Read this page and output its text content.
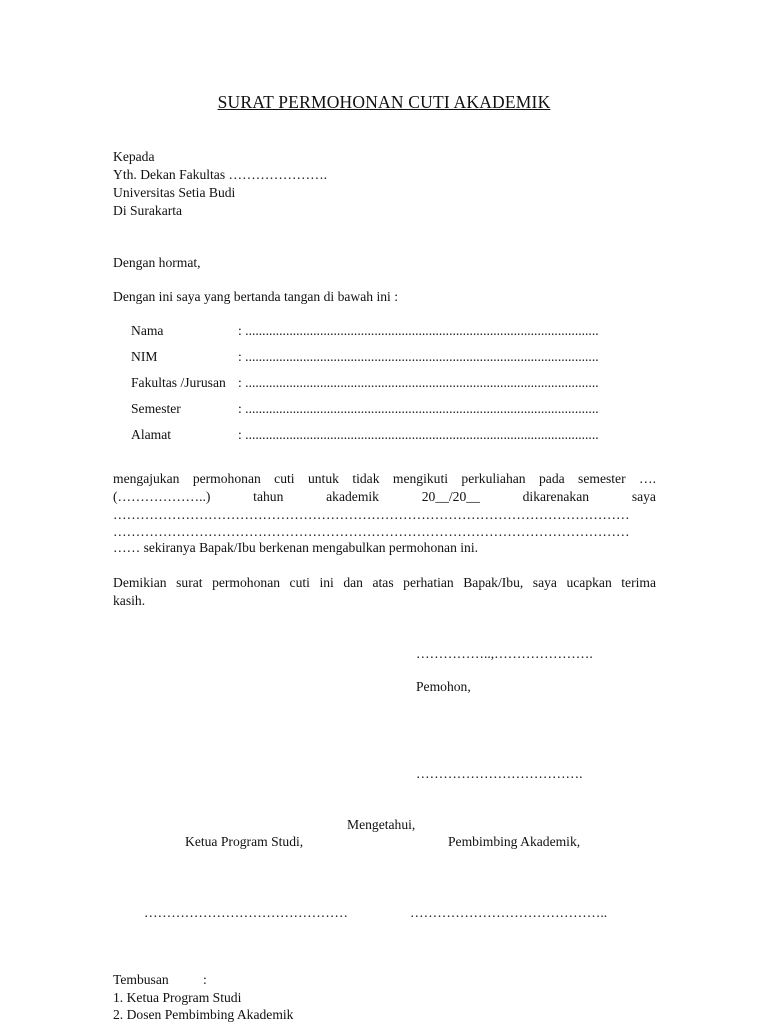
SURAT PERMOHONAN CUTI AKADEMIK
Kepada
Yth. Dekan Fakultas ………………….
Universitas Setia Budi
Di Surakarta
Dengan hormat,
Dengan ini saya yang bertanda tangan di bawah ini :
Nama	: ........................................................................................................
NIM	: ........................................................................................................
Fakultas /Jurusan : ........................................................................................................
Semester	: ........................................................................................................
Alamat	: ........................................................................................................
mengajukan permohonan cuti untuk tidak mengikuti perkuliahan pada semester ….
(………………..)	tahun	akademik	20__/20__	dikarenakan	saya
……………………………………………………………………………………………………
……………………………………………………………………………………………………
…… sekiranya Bapak/Ibu berkenan mengabulkan permohonan ini.
Demikian surat permohonan cuti ini dan atas perhatian Bapak/Ibu, saya ucapkan terima
kasih.
……………..,………………….
Pemohon,
……………………………….
Mengetahui,
Ketua Program Studi,	Pembimbing Akademik,
………………………………………	……………………………………..
Tembusan	:
1. Ketua Program Studi
2. Dosen Pembimbing Akademik
